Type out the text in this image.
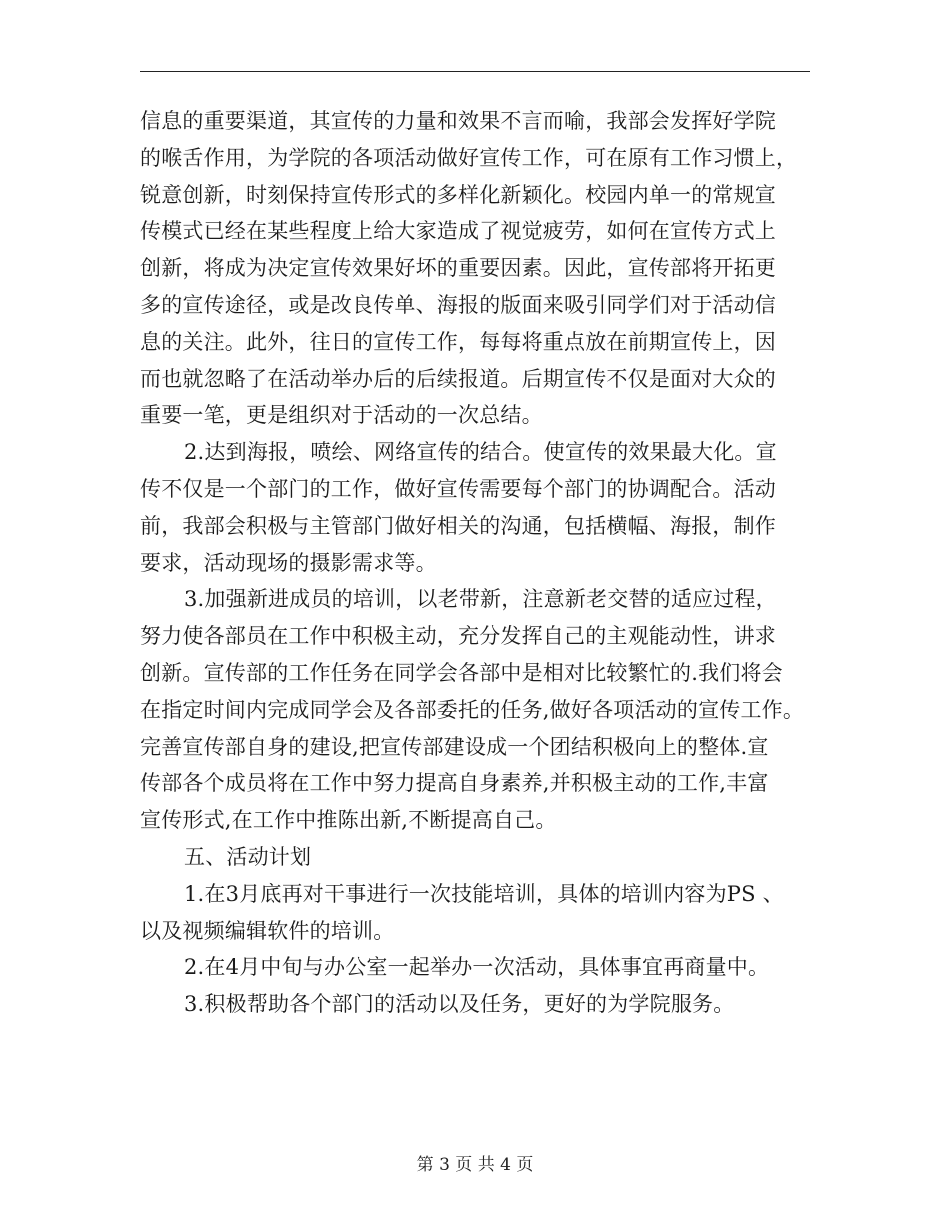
信息的重要渠道，其宣传的力量和效果不言而喻，我部会发挥好学院
的喉舌作用，为学院的各项活动做好宣传工作，可在原有工作习惯上，
锐意创新，时刻保持宣传形式的多样化新颖化。校园内单一的常规宣
传模式已经在某些程度上给大家造成了视觉疲劳，如何在宣传方式上
创新，将成为决定宣传效果好坏的重要因素。因此，宣传部将开拓更
多的宣传途径，或是改良传单、海报的版面来吸引同学们对于活动信
息的关注。此外，往日的宣传工作，每每将重点放在前期宣传上，因
而也就忽略了在活动举办后的后续报道。后期宣传不仅是面对大众的
重要一笔，更是组织对于活动的一次总结。
2.达到海报，喷绘、网络宣传的结合。使宣传的效果最大化。宣
传不仅是一个部门的工作，做好宣传需要每个部门的协调配合。活动
前，我部会积极与主管部门做好相关的沟通，包括横幅、海报，制作
要求，活动现场的摄影需求等。
3.加强新进成员的培训，以老带新，注意新老交替的适应过程，
努力使各部员在工作中积极主动，充分发挥自己的主观能动性，讲求
创新。宣传部的工作任务在同学会各部中是相对比较繁忙的.我们将会
在指定时间内完成同学会及各部委托的任务,做好各项活动的宣传工作。
完善宣传部自身的建设,把宣传部建设成一个团结积极向上的整体.宣
传部各个成员将在工作中努力提高自身素养,并积极主动的工作,丰富
宣传形式,在工作中推陈出新,不断提高自己。
五、活动计划
1.在3月底再对干事进行一次技能培训，具体的培训内容为PS 、
以及视频编辑软件的培训。
2.在4月中旬与办公室一起举办一次活动，具体事宜再商量中。
3.积极帮助各个部门的活动以及任务，更好的为学院服务。
第 3 页 共 4 页
